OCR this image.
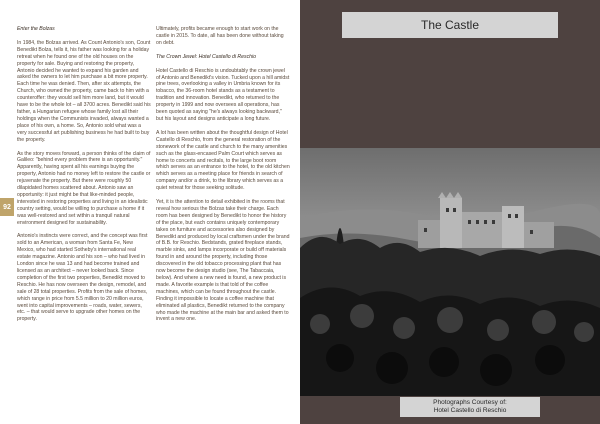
Enter the Bolzas

In 1984, the Bolzas arrived. As Count Antonio's son, Count Benedikt Bolza, tells it, his father was looking for a holiday retreat when he found one of the old houses on the property for sale. Buying and restoring the property, Antonio decided he wanted to expand his garden and asked the owners to let him purchase a bit more property. Each time he was denied. Then, after six attempts, the Church, who owned the property, came back to him with a counteroffer: they would sell him more land, but it would have to be the whole lot – all 3700 acres. Benedikt said his father, a Hungarian refugee whose family lost all their holdings when the Communists invaded, always wanted a place of his own, a home. So, Antonio sold what was a very successful art publishing business he had built to buy the property.

As the story moves forward, a person thinks of the claim of Galileo: "behind every problem there is an opportunity." Apparently, having spent all his earnings buying the property, Antonio had no money left to restore the castle or rejuvenate the property. But there were roughly 50 dilapidated homes scattered about. Antonio saw an opportunity: it just might be that like-minded people, interested in restoring properties and living in an idealistic country setting, would be willing to purchase a home if it was well-restored and set within a tranquil natural environment designed for sustainability.

Antonio's instincts were correct, and the concept was first sold to an American, a woman from Santa Fe, New Mexico, who had started Sotheby's international real estate magazine. Antonio and his son – who had lived in London since he was 13 and had become trained and licensed as an architect – never looked back. Since completion of the first two properties, Benedikt moved to Reschio. He has now overseen the design, remodel, and sale of 28 total properties. Profits from the sale of homes, which range in price from 5.5 million to 20 million euros, went into capital improvements – roads, water, sewers, etc. – that would serve to upgrade other homes on the property.

Ultimately, profits became enough to start work on the castle in 2015. To date, all has been done without taking on debt.

The Crown Jewel: Hotel Castello di Reschio

Hotel Castello di Reschio is undoubtably the crown jewel of Antonio and Benedikt's vision. Tucked upon a hill amidst pine trees, overlooking a valley in Umbria known for its tobacco, the 36-room hotel stands as a testament to tradition and innovation. Benedikt, who returned to the property in 1999 and now oversees all operations, has been quoted as saying "he's always looking backward," but his layout and designs anticipate a long future.

A lot has been written about the thoughtful design of Hotel Castello di Reschio, from the general restoration of the stonework of the castle and church to the many amenities such as the glass-encased Palm Court which serves as home to concerts and recitals, to the large boot room which serves as an entrance to the hotel, to the old kitchen which serves as a meeting place for friends in search of company and/or a drink, to the library which serves as a quiet retreat for those seeking solitude.

Yet, it is the attention to detail exhibited in the rooms that reveal how serious the Bolzas take their charge. Each room has been designed by Benedikt to honor the history of the place, but each contains uniquely contemporary takes on furniture and accessories also designed by Benedikt and produced by local craftsmen under the brand of B.B. for Reschio. Bedstands, grated fireplace stands, marble sinks, and lamps incorporate or build off materials found in and around the property, including those discovered in the old tobacco processing plant that has now become the design studio (see, The Tabaccaia, below). And where a new need is found, a new product is made. A favorite example is that told of the coffee machines, which can be found throughout the castle. Finding it impossible to locate a coffee machine that eliminated all plastics, Benedikt returned to the company who made the machine at the main bar and asked them to invent a new one.

92
The Castle
Photographs Courtesy of:
Hotel Castello di Reschio
